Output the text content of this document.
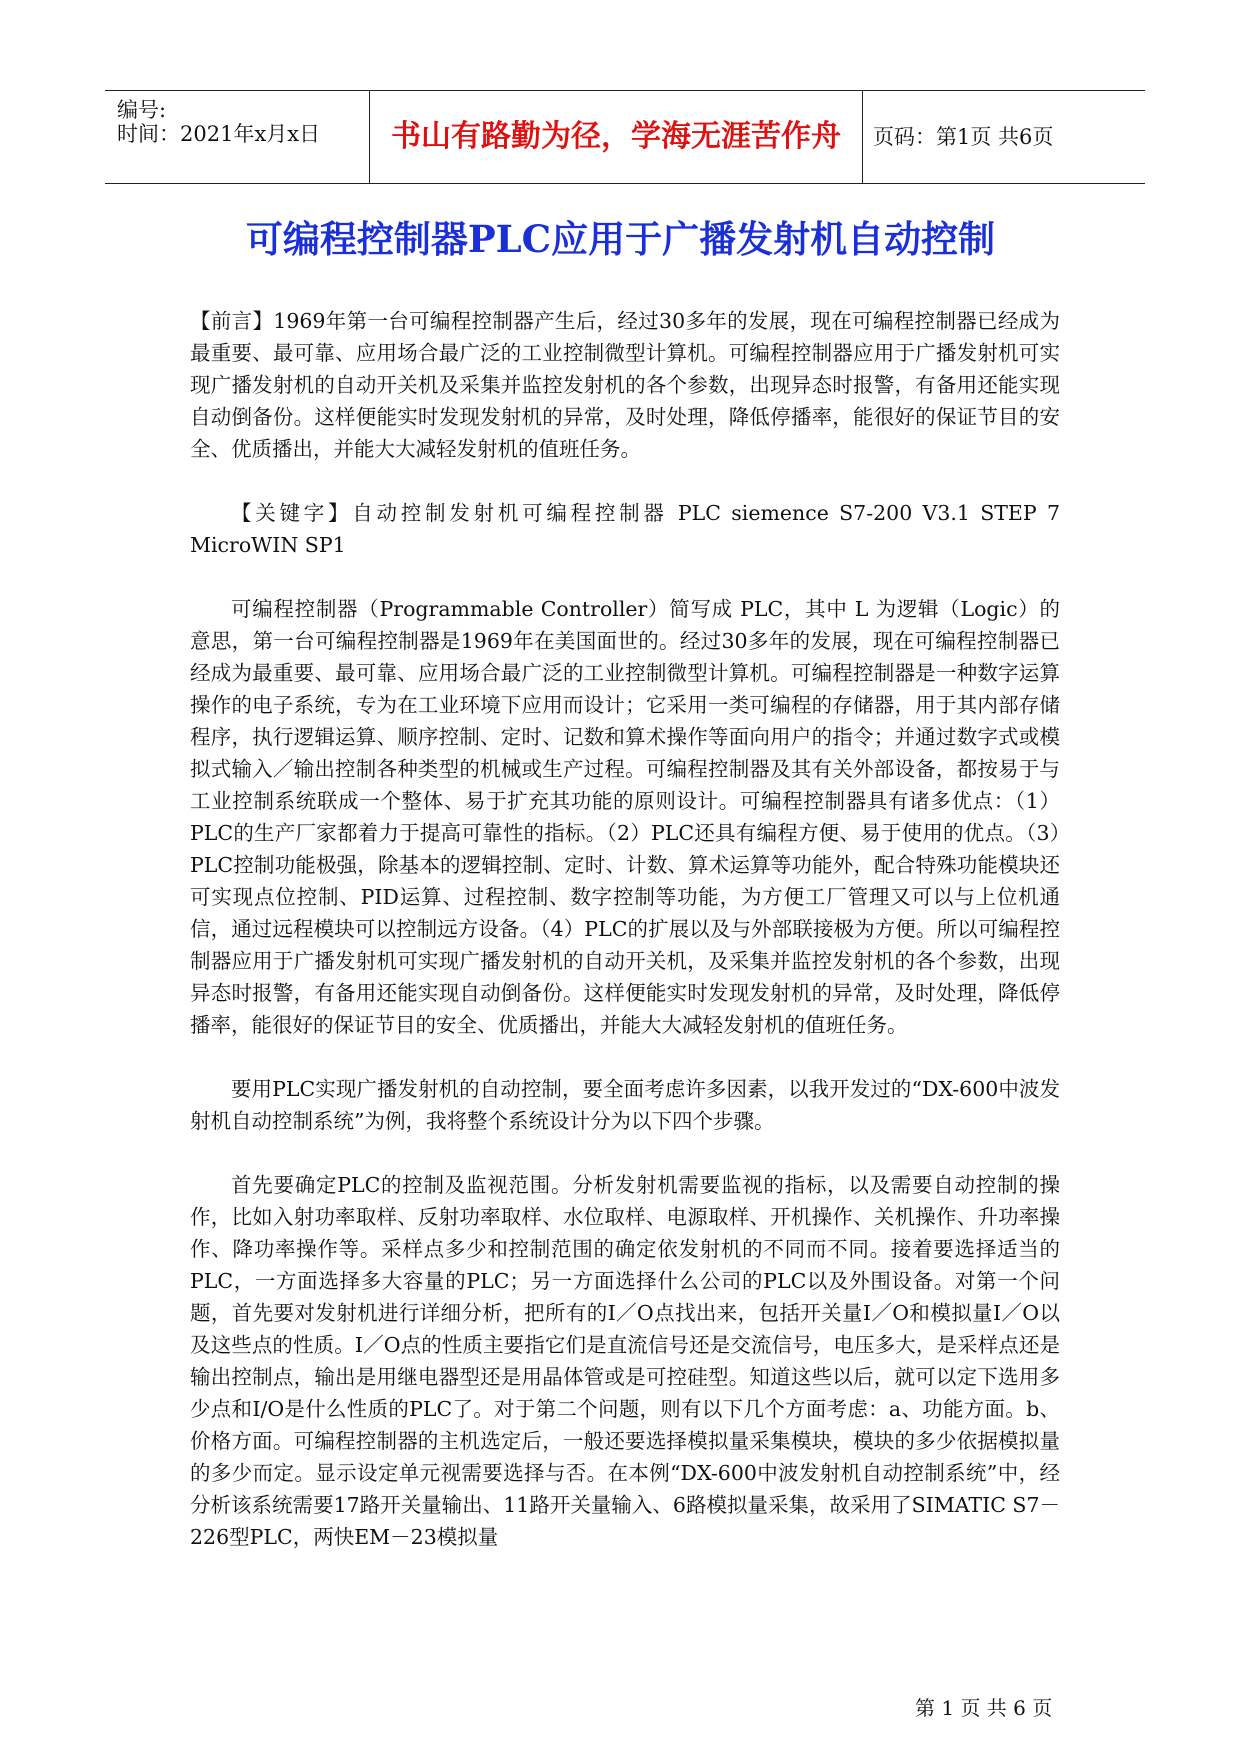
编号:
时间：2021年x月x日	书山有路勤为径，学海无涯苦作舟	页码：第1页 共6页
可编程控制器PLC应用于广播发射机自动控制

【前言】1969年第一台可编程控制器产生后，经过30多年的发展，现在可编程控制器已经成为最重要、最可靠、应用场合最广泛的工业控制微型计算机。可编程控制器应用于广播发射机可实现广播发射机的自动开关机及采集并监控发射机的各个参数，出现异态时报警，有备用还能实现自动倒备份。这样便能实时发现发射机的异常，及时处理，降低停播率，能很好的保证节目的安全、优质播出，并能大大减轻发射机的值班任务。

【关键字】自动控制发射机可编程控制器 PLC siemence S7-200 V3.1 STEP 7 MicroWIN SP1

可编程控制器（Programmable Controller）简写成 PLC，其中 L 为逻辑（Logic）的意思，第一台可编程控制器是1969年在美国面世的。经过30多年的发展，现在可编程控制器已经成为最重要、最可靠、应用场合最广泛的工业控制微型计算机。可编程控制器是一种数字运算操作的电子系统，专为在工业环境下应用而设计；它采用一类可编程的存储器，用于其内部存储程序，执行逻辑运算、顺序控制、定时、记数和算术操作等面向用户的指令；并通过数字式或模拟式输入／输出控制各种类型的机械或生产过程。可编程控制器及其有关外部设备，都按易于与工业控制系统联成一个整体、易于扩充其功能的原则设计。可编程控制器具有诸多优点：（1）PLC的生产厂家都着力于提高可靠性的指标。（2）PLC还具有编程方便、易于使用的优点。（3）PLC控制功能极强，除基本的逻辑控制、定时、计数、算术运算等功能外，配合特殊功能模块还可实现点位控制、PID运算、过程控制、数字控制等功能，为方便工厂管理又可以与上位机通信，通过远程模块可以控制远方设备。（4）PLC的扩展以及与外部联接极为方便。所以可编程控制器应用于广播发射机可实现广播发射机的自动开关机，及采集并监控发射机的各个参数，出现异态时报警，有备用还能实现自动倒备份。这样便能实时发现发射机的异常，及时处理，降低停播率，能很好的保证节目的安全、优质播出，并能大大减轻发射机的值班任务。

要用PLC实现广播发射机的自动控制，要全面考虑许多因素，以我开发过的“DX-600中波发射机自动控制系统”为例，我将整个系统设计分为以下四个步骤。

首先要确定PLC的控制及监视范围。分析发射机需要监视的指标，以及需要自动控制的操作，比如入射功率取样、反射功率取样、水位取样、电源取样、开机操作、关机操作、升功率操作、降功率操作等。采样点多少和控制范围的确定依发射机的不同而不同。接着要选择适当的PLC，一方面选择多大容量的PLC；另一方面选择什么公司的PLC以及外围设备。对第一个问题，首先要对发射机进行详细分析，把所有的I／O点找出来，包括开关量I／O和模拟量I／O以及这些点的性质。I／O点的性质主要指它们是直流信号还是交流信号，电压多大，是采样点还是输出控制点，输出是用继电器型还是用晶体管或是可控硅型。知道这些以后，就可以定下选用多少点和I/O是什么性质的PLC了。对于第二个问题，则有以下几个方面考虑：a、功能方面。b、价格方面。可编程控制器的主机选定后，一般还要选择模拟量采集模块，模块的多少依据模拟量的多少而定。显示设定单元视需要选择与否。在本例“DX-600中波发射机自动控制系统”中，经分析该系统需要17路开关量输出、11路开关量输入、6路模拟量采集，故采用了SIMATIC S7－226型PLC，两快EM－23模拟量

第 1 页 共 6 页
